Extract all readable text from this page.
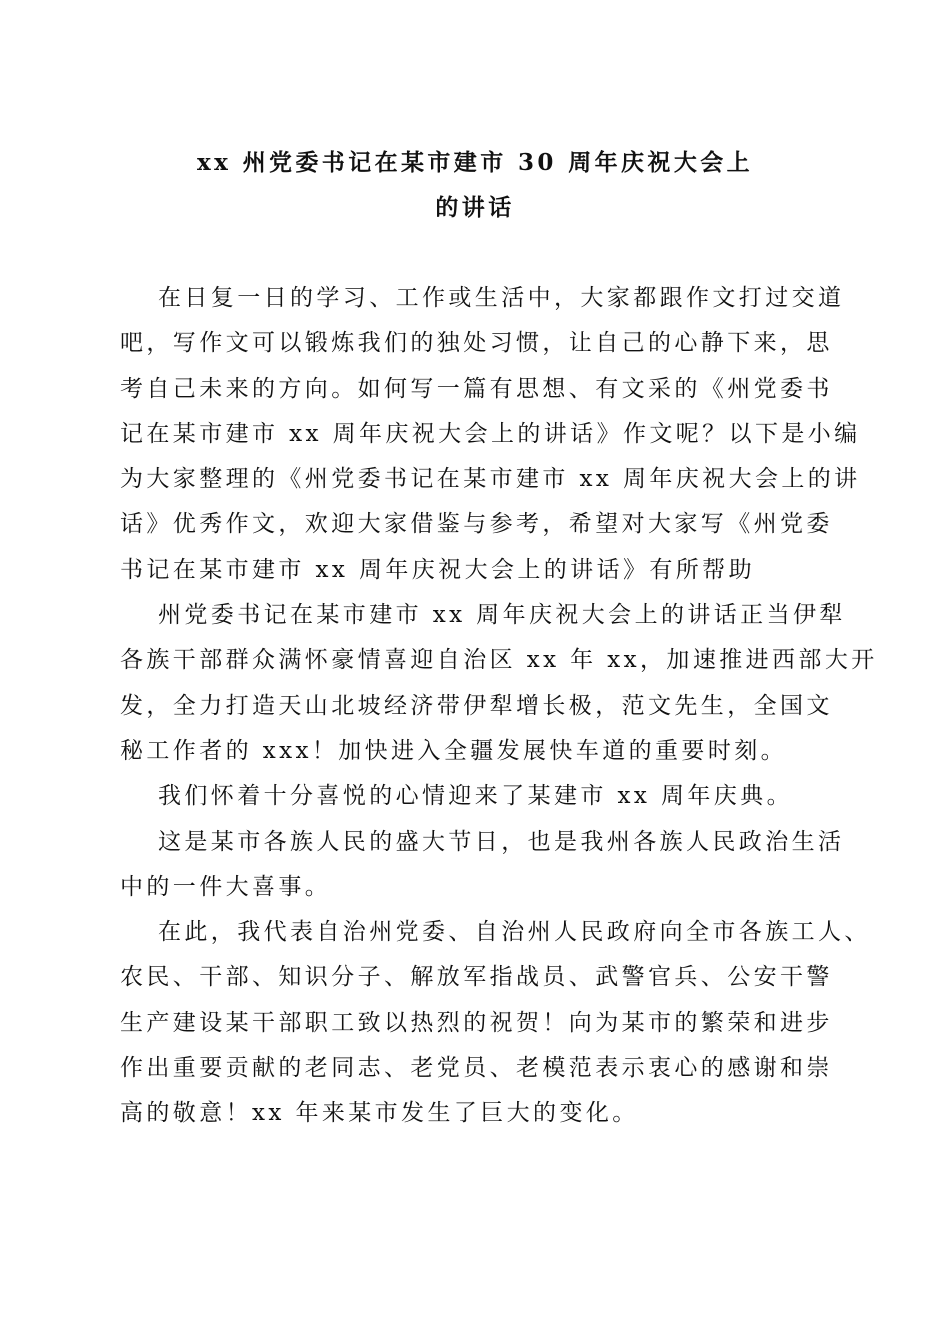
xx 州党委书记在某市建市 30 周年庆祝大会上
的讲话
在日复一日的学习、工作或生活中，大家都跟作文打过交道
吧，写作文可以锻炼我们的独处习惯，让自己的心静下来，思
考自己未来的方向。如何写一篇有思想、有文采的《州党委书
记在某市建市 xx 周年庆祝大会上的讲话》作文呢？以下是小编
为大家整理的《州党委书记在某市建市 xx 周年庆祝大会上的讲
话》优秀作文，欢迎大家借鉴与参考，希望对大家写《州党委
书记在某市建市 xx 周年庆祝大会上的讲话》有所帮助
州党委书记在某市建市 xx 周年庆祝大会上的讲话正当伊犁
各族干部群众满怀豪情喜迎自治区 xx 年 xx，加速推进西部大开
发，全力打造天山北坡经济带伊犁增长极，范文先生，全国文
秘工作者的 xxx！加快进入全疆发展快车道的重要时刻。
我们怀着十分喜悦的心情迎来了某建市 xx 周年庆典。
这是某市各族人民的盛大节日，也是我州各族人民政治生活
中的一件大喜事。
在此，我代表自治州党委、自治州人民政府向全市各族工人、
农民、干部、知识分子、解放军指战员、武警官兵、公安干警
生产建设某干部职工致以热烈的祝贺！向为某市的繁荣和进步
作出重要贡献的老同志、老党员、老模范表示衷心的感谢和崇
高的敬意！xx 年来某市发生了巨大的变化。
